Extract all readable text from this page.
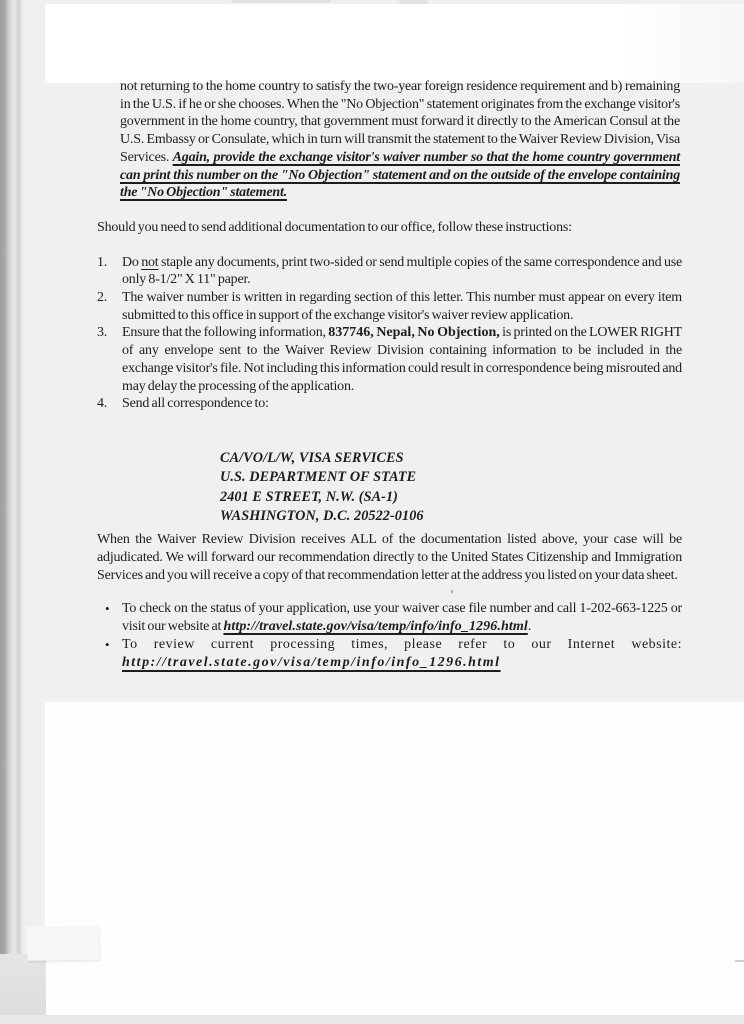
not returning to the home country to satisfy the two-year foreign residence requirement and b) remaining in the U.S. if he or she chooses. When the "No Objection" statement originates from the exchange visitor's government in the home country, that government must forward it directly to the American Consul at the U.S. Embassy or Consulate, which in turn will transmit the statement to the Waiver Review Division, Visa Services. Again, provide the exchange visitor's waiver number so that the home country government can print this number on the "No Objection" statement and on the outside of the envelope containing the "No Objection" statement.

Should you need to send additional documentation to our office, follow these instructions:

1.	Do not staple any documents, print two-sided or send multiple copies of the same correspondence and use only 8-1/2" X 11" paper.
2.	The waiver number is written in regarding section of this letter. This number must appear on every item submitted to this office in support of the exchange visitor's waiver review application.
3.	Ensure that the following information, 837746, Nepal, No Objection, is printed on the LOWER RIGHT of any envelope sent to the Waiver Review Division containing information to be included in the exchange visitor's file. Not including this information could result in correspondence being misrouted and may delay the processing of the application.
4.	Send all correspondence to:
CA/VO/L/W, VISA SERVICES
U.S. DEPARTMENT OF STATE
2401 E STREET, N.W. (SA-1)
WASHINGTON, D.C. 20522-0106

When the Waiver Review Division receives ALL of the documentation listed above, your case will be adjudicated. We will forward our recommendation directly to the United States Citizenship and Immigration Services and you will receive a copy of that recommendation letter at the address you listed on your data sheet.

• To check on the status of your application, use your waiver case file number and call 1-202-663-1225 or visit our website at http://travel.state.gov/visa/temp/info/info_1296.html.
• To review current processing times, please refer to our Internet website:
http://travel.state.gov/visa/temp/info/info_1296.html
'
